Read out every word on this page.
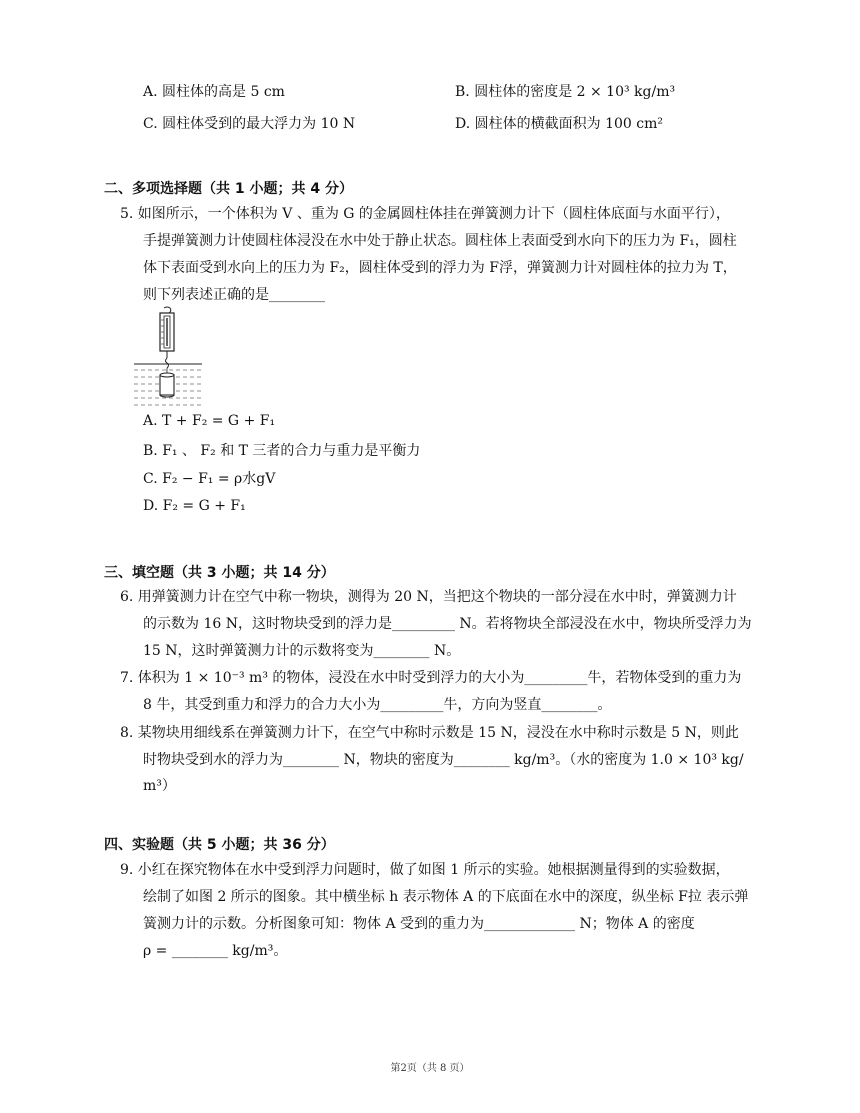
A. 圆柱体的高是 5 cm	B. 圆柱体的密度是 2 × 10³ kg/m³
C. 圆柱体受到的最大浮力为 10 N	D. 圆柱体的横截面积为 100 cm²
二、多项选择题（共 1 小题；共 4 分）
5. 如图所示，一个体积为 V 、重为 G 的金属圆柱体挂在弹簧测力计下（圆柱体底面与水面平行），
手提弹簧测力计使圆柱体浸没在水中处于静止状态。圆柱体上表面受到水向下的压力为 F₁，圆柱
体下表面受到水向上的压力为 F₂，圆柱体受到的浮力为 F浮，弹簧测力计对圆柱体的拉力为 T，
则下列表述正确的是________
A. T + F₂ = G + F₁
B. F₁ 、 F₂ 和 T 三者的合力与重力是平衡力
C. F₂ − F₁ = ρ水gV
D. F₂ = G + F₁
三、填空题（共 3 小题；共 14 分）
6. 用弹簧测力计在空气中称一物块，测得为 20 N，当把这个物块的一部分浸在水中时，弹簧测力计
的示数为 16 N，这时物块受到的浮力是_________ N。若将物块全部浸没在水中，物块所受浮力为
15 N，这时弹簧测力计的示数将变为________ N。
7. 体积为 1 × 10⁻³ m³ 的物体，浸没在水中时受到浮力的大小为_________牛，若物体受到的重力为
8 牛，其受到重力和浮力的合力大小为_________牛，方向为竖直________。
8. 某物块用细线系在弹簧测力计下，在空气中称时示数是 15 N，浸没在水中称时示数是 5 N，则此
时物块受到水的浮力为________ N，物块的密度为________ kg/m³。（水的密度为 1.0 × 10³ kg/
m³）
四、实验题（共 5 小题；共 36 分）
9. 小红在探究物体在水中受到浮力问题时，做了如图 1 所示的实验。她根据测量得到的实验数据，
绘制了如图 2 所示的图象。其中横坐标 h 表示物体 A 的下底面在水中的深度，纵坐标 F拉 表示弹
簧测力计的示数。分析图象可知：物体 A 受到的重力为_____________ N；物体 A 的密度
ρ = ________ kg/m³。
第2页（共 8 页）
